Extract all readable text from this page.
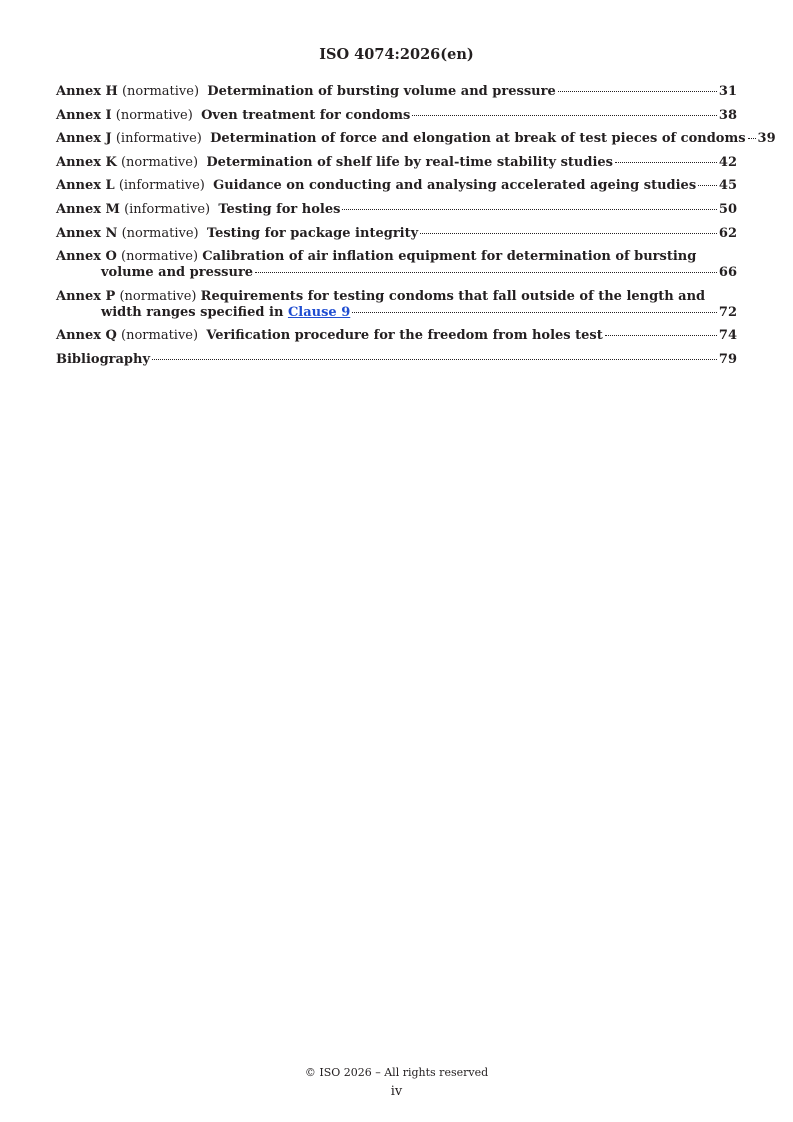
ISO 4074:2026(en)
Annex H (normative) Determination of bursting volume and pressure	31
Annex I (normative) Oven treatment for condoms	38
Annex J (informative) Determination of force and elongation at break of test pieces of condoms 39
Annex K (normative) Determination of shelf life by real-time stability studies	42
Annex L (informative) Guidance on conducting and analysing accelerated ageing studies 45
Annex M (informative) Testing for holes	50
Annex N (normative) Testing for package integrity	62
Annex O (normative) Calibration of air inflation equipment for determination of bursting
volume and pressure	66
Annex P (normative) Requirements for testing condoms that fall outside of the length and
width ranges specified in Clause 9	72
Annex Q (normative) Verification procedure for the freedom from holes test	74
Bibliography	79
© ISO 2026 – All rights reserved
iv
